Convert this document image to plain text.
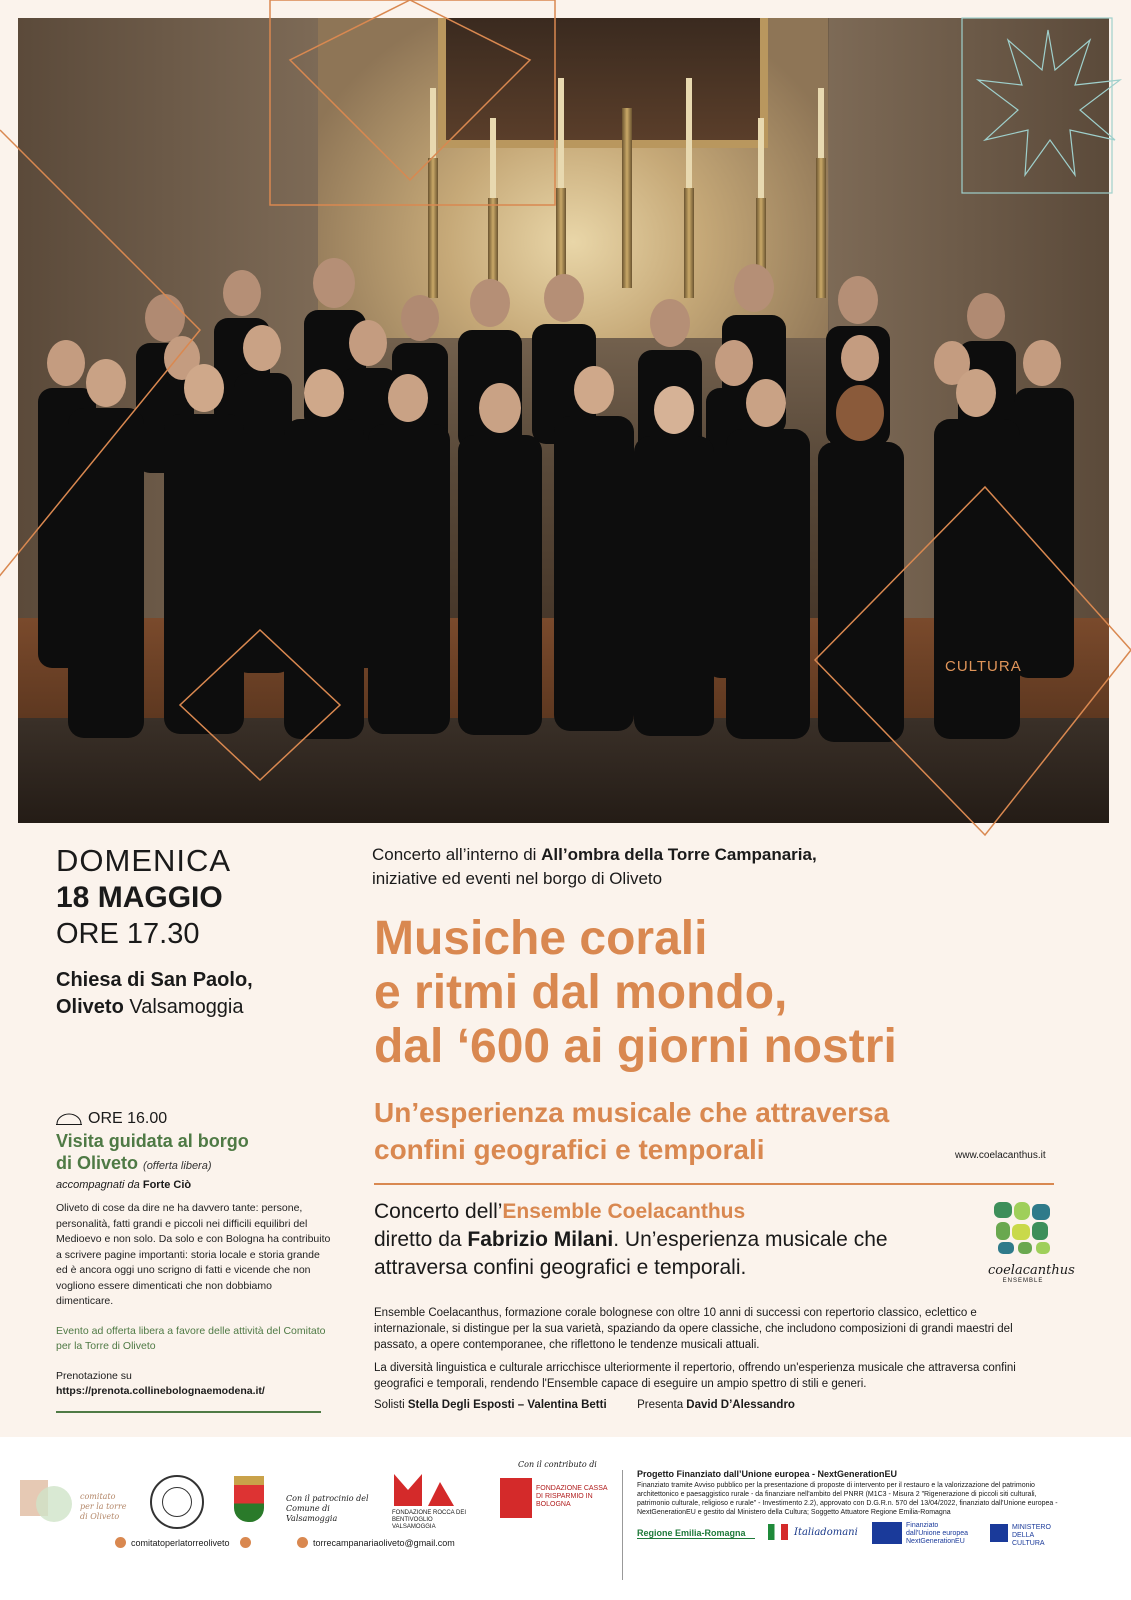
CULTURA
DOMENICA
18 MAGGIO
ORE 17.30
Chiesa di San Paolo,
Oliveto Valsamoggia
ORE 16.00
Visita guidata al borgo
di Oliveto (offerta libera)
accompagnati da Forte Ciò
Oliveto di cose da dire ne ha davvero tante: persone, personalità, fatti grandi e piccoli nei difficili equilibri del Medioevo e non solo. Da solo e con Bologna ha contribuito a scrivere pagine importanti: storia locale e storia grande ed è ancora oggi uno scrigno di fatti e vicende che non vogliono essere dimenticati che non dobbiamo dimenticare.
Evento ad offerta libera a favore delle attività del Comitato per la Torre di Oliveto
Prenotazione su
https://prenota.collinebolognaemodena.it/
Concerto all’interno di All’ombra della Torre Campanaria,
iniziative ed eventi nel borgo di Oliveto
Musiche corali
e ritmi dal mondo,
dal ‘600 ai giorni nostri
Un’esperienza musicale che attraversa
confini geografici e temporali	www.coelacanthus.it
Concerto dell’Ensemble Coelacanthus
diretto da Fabrizio Milani. Un’esperienza musicale che attraversa confini geografici e temporali.	coelacanthus
ENSEMBLE
Ensemble Coelacanthus, formazione corale bolognese con oltre 10 anni di successi con repertorio classico, eclettico e internazionale, si distingue per la sua varietà, spaziando da opere classiche, che includono composizioni di grandi maestri del passato, a opere contemporanee, che riflettono le tendenze musicali attuali.
La diversità linguistica e culturale arricchisce ulteriormente il repertorio, offrendo un'esperienza musicale che attraversa confini geografici e temporali, rendendo l'Ensemble capace di eseguire un ampio spettro di stili e generi.
Solisti Stella Degli Esposti – Valentina Betti	Presenta David D’Alessandro
comitato per la torre di Oliveto
Con il patrocinio del Comune di Valsamoggia
FONDAZIONE ROCCA DEI BENTIVOGLIO VALSAMOGGIA
Con il contributo di
FONDAZIONE CASSA DI RISPARMIO IN BOLOGNA
Progetto Finanziato dall’Unione europea - NextGenerationEU
Finanziato tramite Avviso pubblico per la presentazione di proposte di intervento per il restauro e la valorizzazione del patrimonio architettonico e paesaggistico rurale - da finanziare nell'ambito del PNRR (M1C3 - Misura 2 "Rigenerazione di piccoli siti culturali, patrimonio culturale, religioso e rurale" - Investimento 2.2), approvato con D.G.R.n. 570 del 13/04/2022, finanziato dall'Unione europea - NextGenerationEU e gestito dal Ministero della Cultura; Soggetto Attuatore Regione Emilia-Romagna
comitatoperlatorreoliveto	torrecampanariaoliveto@gmail.com
Regione Emilia-Romagna	Italiadomani
Finanziato
dall'Unione europea
NextGenerationEU
MINISTERO DELLA CULTURA
